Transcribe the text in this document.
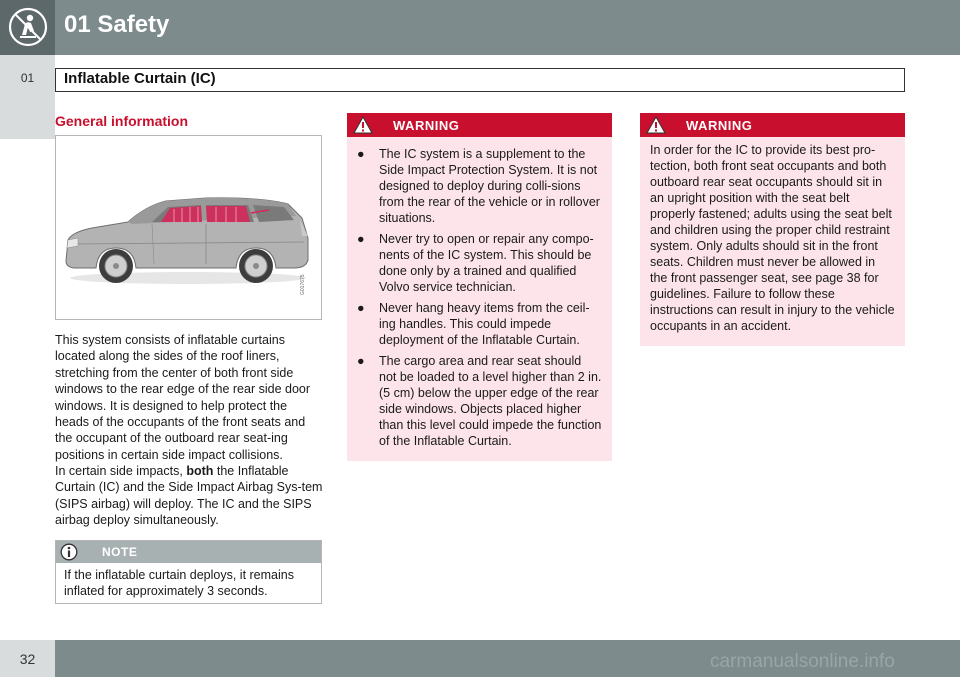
01 Safety
01	Inflatable Curtain (IC)
General information
G017675

This system consists of inflatable curtains located along the sides of the roof liners, stretching from the center of both front side windows to the rear edge of the rear side door windows. It is designed to help protect the heads of the occupants of the front seats and the occupant of the outboard rear seat-ing positions in certain side impact collisions.

In certain side impacts, both the Inflatable Curtain (IC) and the Side Impact Airbag Sys-tem (SIPS airbag) will deploy. The IC and the SIPS airbag deploy simultaneously.

NOTE
If the inflatable curtain deploys, it remains inflated for approximately 3 seconds.
WARNING
● The IC system is a supplement to the Side Impact Protection System. It is not designed to deploy during colli-sions from the rear of the vehicle or in rollover situations.
● Never try to open or repair any compo-nents of the IC system. This should be done only by a trained and qualified Volvo service technician.
● Never hang heavy items from the ceil-ing handles. This could impede deployment of the Inflatable Curtain.
● The cargo area and rear seat should not be loaded to a level higher than 2 in. (5 cm) below the upper edge of the rear side windows. Objects placed higher than this level could impede the function of the Inflatable Curtain.
WARNING

In order for the IC to provide its best pro-tection, both front seat occupants and both outboard rear seat occupants should sit in an upright position with the seat belt properly fastened; adults using the seat belt and children using the proper child restraint system. Only adults should sit in the front seats. Children must never be allowed in the front passenger seat, see page 38 for guidelines. Failure to follow these instructions can result in injury to the vehicle occupants in an accident.

32	carmanualsonline.info
